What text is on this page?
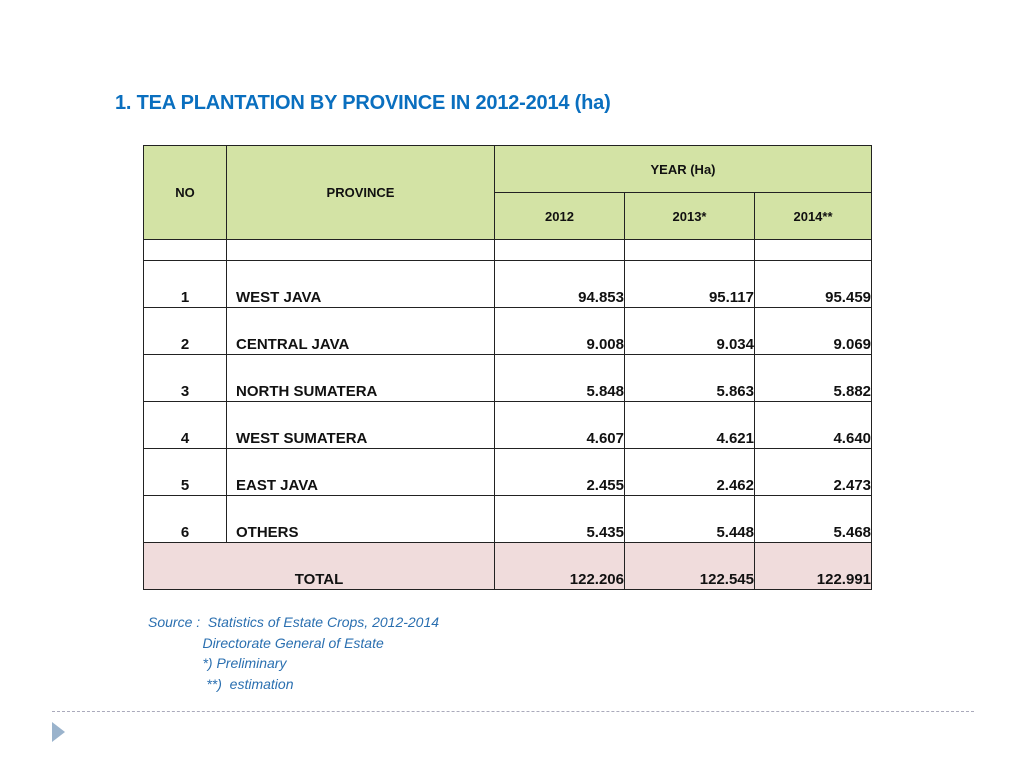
1. TEA PLANTATION BY PROVINCE IN 2012-2014 (ha)
NO	PROVINCE	YEAR (Ha)		
		2012	2013*	2014**

1	WEST JAVA	94.853	95.117	95.459
2	CENTRAL JAVA	9.008	9.034	9.069
3	NORTH SUMATERA	5.848	5.863	5.882
4	WEST SUMATERA	4.607	4.621	4.640
5	EAST JAVA	2.455	2.462	2.473
6	OTHERS	5.435	5.448	5.468
TOTAL		122.206	122.545	122.991
Source :  Statistics of Estate Crops, 2012-2014
Directorate General of Estate
*) Preliminary
**)  estimation
